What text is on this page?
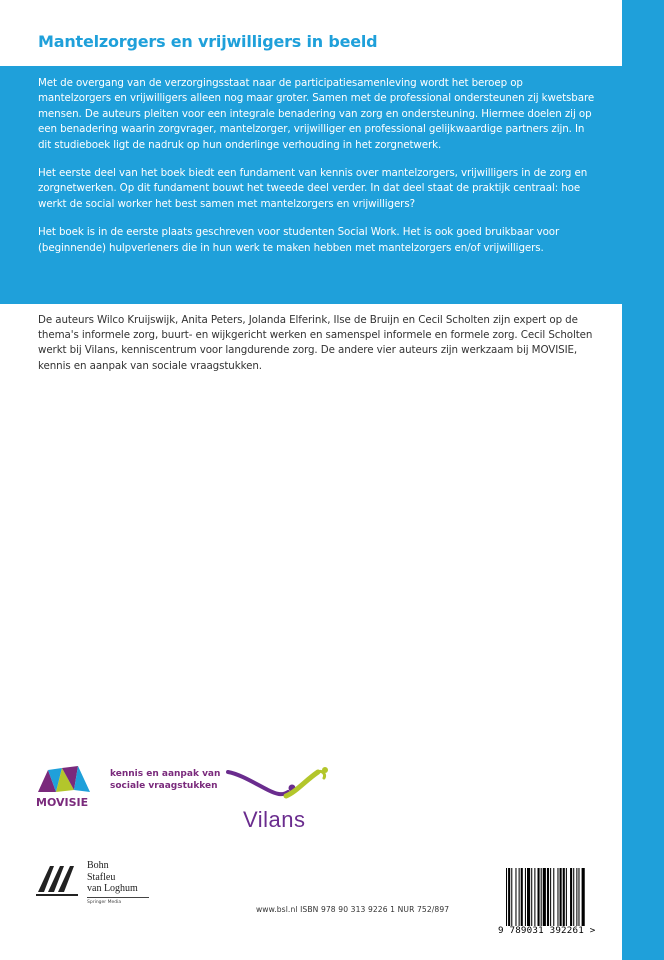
Mantelzorgers en vrijwilligers in beeld

Met de overgang van de verzorgingsstaat naar de participatiesamenleving wordt het beroep op mantelzorgers en vrijwilligers alleen nog maar groter. Samen met de professional ondersteunen zij kwetsbare mensen. De auteurs pleiten voor een integrale benadering van zorg en ondersteuning. Hiermee doelen zij op een benadering waarin zorgvrager, mantelzorger, vrijwilliger en professional gelijkwaardige partners zijn. In dit studieboek ligt de nadruk op hun onderlinge verhouding in het zorgnetwerk.

Het eerste deel van het boek biedt een fundament van kennis over mantelzorgers, vrijwilligers in de zorg en zorgnetwerken. Op dit fundament bouwt het tweede deel verder. In dat deel staat de praktijk centraal: hoe werkt de social worker het best samen met mantelzorgers en vrijwilligers?

Het boek is in de eerste plaats geschreven voor studenten Social Work. Het is ook goed bruikbaar voor (beginnende) hulpverleners die in hun werk te maken hebben met mantelzorgers en/of vrijwilligers.

De auteurs Wilco Kruijswijk, Anita Peters, Jolanda Elferink, Ilse de Bruijn en Cecil Scholten zijn expert op de thema's informele zorg, buurt- en wijkgericht werken en samenspel informele en formele zorg. Cecil Scholten werkt bij Vilans, kenniscentrum voor langdurende zorg. De andere vier auteurs zijn werkzaam bij MOVISIE, kennis en aanpak van sociale vraagstukken.

MOVISIE
kennis en aanpak van
sociale vraagstukken
Vilans
Bohn
Stafleu
van Loghum
Springer Media
www.bsl.nl ISBN 978 90 313 9226 1 NUR 752/897
9 789031 392261 >
